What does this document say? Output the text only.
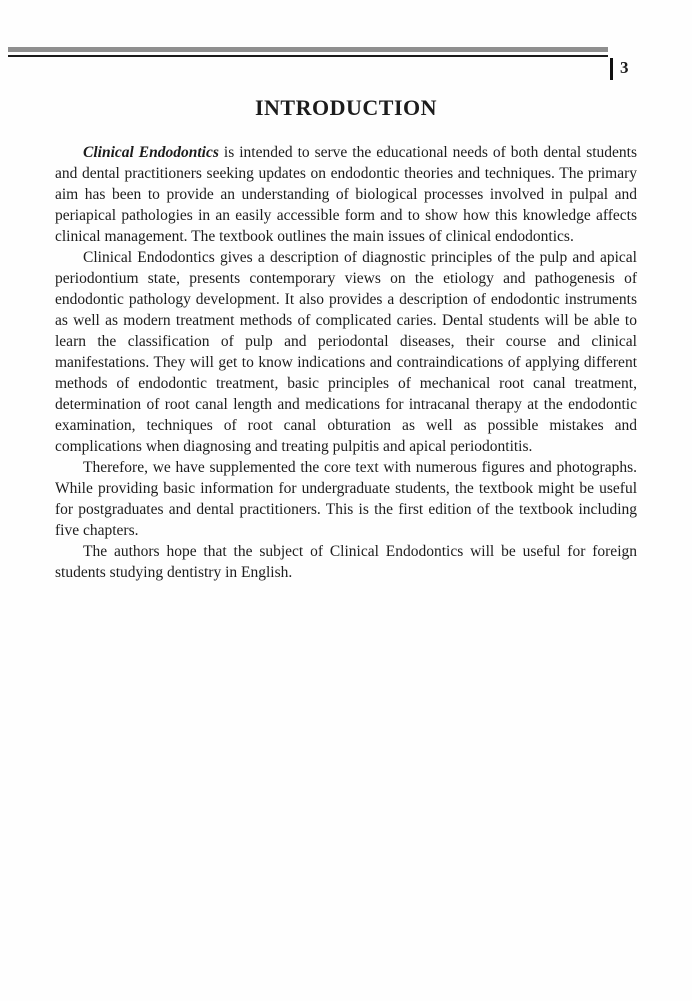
3
INTRODUCTION

Clinical Endodontics is intended to serve the educational needs of both dental students and dental practitioners seeking updates on endodontic theories and techniques. The primary aim has been to provide an understanding of biological processes involved in pulpal and periapical pathologies in an easily accessible form and to show how this knowledge affects clinical management. The textbook outlines the main issues of clinical endodontics.

Clinical Endodontics gives a description of diagnostic principles of the pulp and apical periodontium state, presents contemporary views on the etiology and pathogenesis of endodontic pathology development. It also provides a description of endodontic instruments as well as modern treatment methods of complicated caries. Dental students will be able to learn the classification of pulp and periodontal diseases, their course and clinical manifestations. They will get to know indications and contraindications of applying different methods of endodontic treatment, basic principles of mechanical root canal treatment, determination of root canal length and medications for intracanal therapy at the endodontic examination, techniques of root canal obturation as well as possible mistakes and complications when diagnosing and treating pulpitis and apical periodontitis.

Therefore, we have supplemented the core text with numerous figures and photographs. While providing basic information for undergraduate students, the textbook might be useful for postgraduates and dental practitioners. This is the first edition of the textbook including five chapters.

The authors hope that the subject of Clinical Endodontics will be useful for foreign students studying dentistry in English.
